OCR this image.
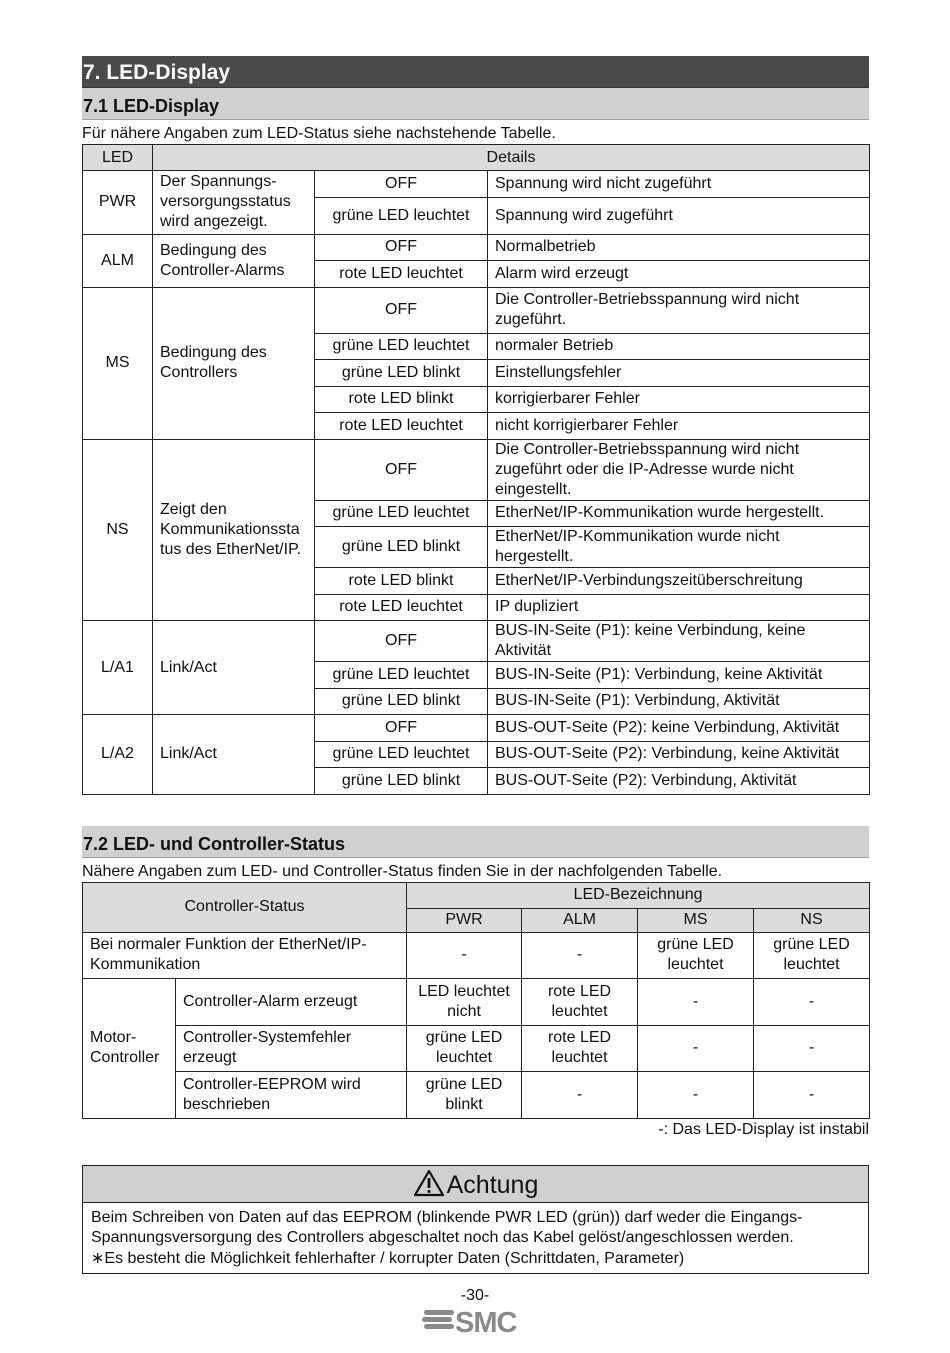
7. LED-Display
7.1 LED-Display
Für nähere Angaben zum LED-Status siehe nachstehende Tabelle.
LED	Details		
PWR	Der Spannungs-versorgungsstatus wird angezeigt.	OFF	Spannung wird nicht zugeführt
		grüne LED leuchtet	Spannung wird zugeführt
ALM	Bedingung des Controller-Alarms	OFF	Normalbetrieb
		rote LED leuchtet	Alarm wird erzeugt
MS	Bedingung des Controllers	OFF	Die Controller-Betriebsspannung wird nicht zugeführt.
		grüne LED leuchtet	normaler Betrieb
		grüne LED blinkt	Einstellungsfehler
		rote LED blinkt	korrigierbarer Fehler
		rote LED leuchtet	nicht korrigierbarer Fehler
NS	Zeigt den Kommunikationssta tus des EtherNet/IP.	OFF	Die Controller-Betriebsspannung wird nicht zugeführt oder die IP-Adresse wurde nicht eingestellt.
		grüne LED leuchtet	EtherNet/IP-Kommunikation wurde hergestellt.
		grüne LED blinkt	EtherNet/IP-Kommunikation wurde nicht hergestellt.
		rote LED blinkt	EtherNet/IP-Verbindungszeitüberschreitung
		rote LED leuchtet	IP dupliziert
L/A1	Link/Act	OFF	BUS-IN-Seite (P1): keine Verbindung, keine Aktivität
		grüne LED leuchtet	BUS-IN-Seite (P1): Verbindung, keine Aktivität
		grüne LED blinkt	BUS-IN-Seite (P1): Verbindung, Aktivität
L/A2	Link/Act	OFF	BUS-OUT-Seite (P2): keine Verbindung, Aktivität
		grüne LED leuchtet	BUS-OUT-Seite (P2): Verbindung, keine Aktivität
		grüne LED blinkt	BUS-OUT-Seite (P2): Verbindung, Aktivität
7.2 LED- und Controller-Status
Nähere Angaben zum LED- und Controller-Status finden Sie in der nachfolgenden Tabelle.
Controller-Status		LED-Bezeichnung			
		PWR	ALM	MS	NS
Bei normaler Funktion der EtherNet/IP-Kommunikation		-	-	grüne LED leuchtet	grüne LED leuchtet
Motor-Controller	Controller-Alarm erzeugt	LED leuchtet nicht	rote LED leuchtet	-	-
	Controller-Systemfehler erzeugt	grüne LED leuchtet	rote LED leuchtet	-	-
	Controller-EEPROM wird beschrieben	grüne LED blinkt	-	-	-
-: Das LED-Display ist instabil
Achtung
Beim Schreiben von Daten auf das EEPROM (blinkende PWR LED (grün)) darf weder die Eingangs-Spannungsversorgung des Controllers abgeschaltet noch das Kabel gelöst/angeschlossen werden.
∗Es besteht die Möglichkeit fehlerhafter / korrupter Daten (Schrittdaten, Parameter)
-30-
SMC
